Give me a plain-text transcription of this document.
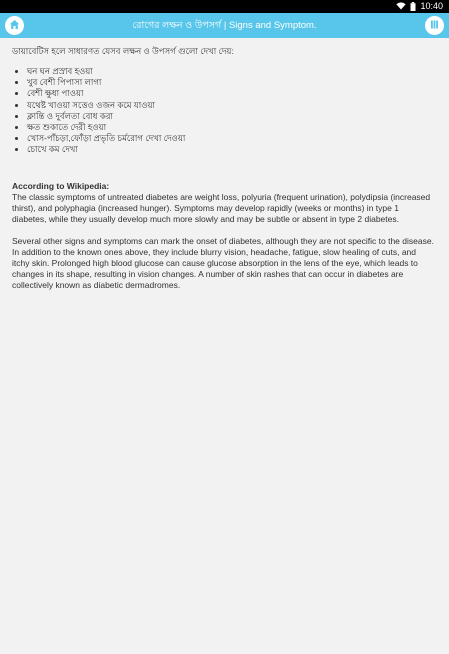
10:40
রোগের লক্ষন ও উপসর্গ | Signs and Symptom.

ডায়াবেটিস হলে সাধারণত যেসব লক্ষন ও উপসর্গ গুলো দেখা দেয়:

• ঘন ঘন প্রস্রাব হওয়া
• খুব বেশী পিপাসা লাগা
• বেশী ক্ষুধা পাওয়া
• যথেষ্ট খাওয়া সত্তেও ওজন কমে যাওয়া
• ক্লান্তি ও দুর্বলতা বোধ করা
• ক্ষত শুকাতে দেরী হওয়া
• খোস-পাঁচড়া,ফোঁড়া প্রভৃতি চর্মরোগ দেখা দেওয়া
• চোখে কম দেখা
According to Wikipedia:

The classic symptoms of untreated diabetes are weight loss, polyuria (frequent urination), polydipsia (increased thirst), and polyphagia (increased hunger). Symptoms may develop rapidly (weeks or months) in type 1 diabetes, while they usually develop much more slowly and may be subtle or absent in type 2 diabetes.

Several other signs and symptoms can mark the onset of diabetes, although they are not specific to the disease. In addition to the known ones above, they include blurry vision, headache, fatigue, slow healing of cuts, and itchy skin. Prolonged high blood glucose can cause glucose absorption in the lens of the eye, which leads to changes in its shape, resulting in vision changes. A number of skin rashes that can occur in diabetes are collectively known as diabetic dermadromes.
